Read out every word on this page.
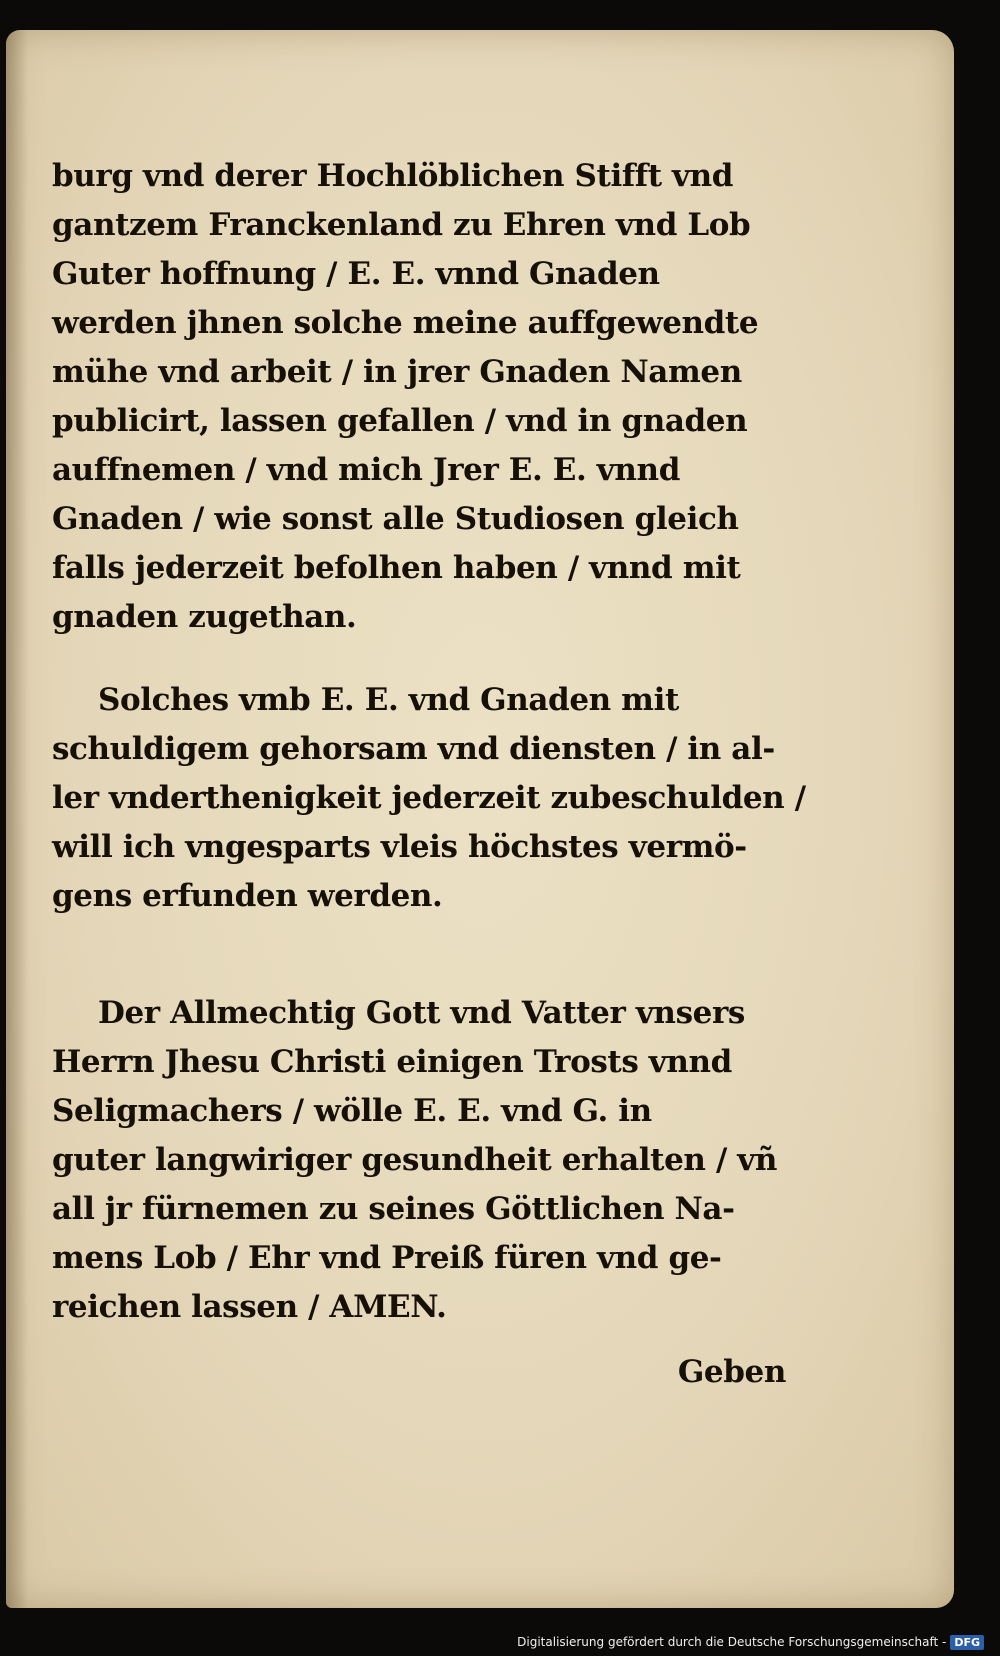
burg vnd derer Hochlöblichen Stifft vnd
gantzem Franckenland zu Ehren vnd Lob
Guter hoffnung / E. E. vnnd Gnaden
werden jhnen solche meine auffgewendte
mühe vnd arbeit / in jrer Gnaden Namen
publicirt, lassen gefallen / vnd in gnaden
auffnemen / vnd mich Jrer E. E. vnnd
Gnaden / wie sonst alle Studiosen gleich
falls jederzeit befolhen haben / vnnd mit
gnaden zugethan.
Solches vmb E. E. vnd Gnaden mit
schuldigem gehorsam vnd diensten / in al-
ler vnderthenigkeit jederzeit zubeschulden /
will ich vngesparts vleis höchstes vermö-
gens erfunden werden.
Der Allmechtig Gott vnd Vatter vnsers
Herrn Jhesu Christi einigen Trosts vnnd
Seligmachers / wölle E. E. vnd G. in
guter langwiriger gesundheit erhalten / vñ
all jr fürnemen zu seines Göttlichen Na-
mens Lob / Ehr vnd Preiß füren vnd ge-
reichen lassen / AMEN.
Geben
Digitalisierung gefördert durch die Deutsche Forschungsgemeinschaft - DFG
